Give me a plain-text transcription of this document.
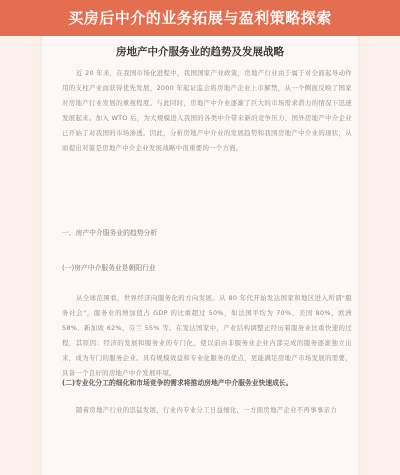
买房后中介的业务拓展与盈利策略探索
房地产中介服务业的趋势及发展战略

近 20 年来，在我国市场化进程中，我国国家产业政策，房地产行业由于属于对全面起导动作用的支柱产业而获得优先发展，2000 年起证监会将房地产企业上市解禁，从一个侧面反映了国家对房地产行业发展的重视程度。与此同时，房地产中介业逐渐了巨大的市场需求潜力的情况下迅速发展起来。加入 WTO 后，为大规模进入我国的各类中介带来新的竞争压力，国外房地产中介企业已开始了对我国的市场渗透。因此，分析房地产中介业的发展趋势和我国房地产中介业的现状，从而提出对策是房地产中介企业发展战略中很重要的一个方面。

一、房产中介服务业的趋势分析
(一)房产中介服务业是朝阳行业

从全球范围看，世界经济向服务化的方向发展。从 80 年代开始发达国家和地区进入所谓"服务社会"，服务业的增加值占 GDP 的比重超过 50%，如法国平均为 70%、美国 80%、欧洲 58%、新加坡 62%、芬兰 55% 等。在发达国家中，产业结构调整正经历着服务业比重快速的过程，其原因：经济的发展和服务业的专门化，使以前由非服务业企业内部完成的服务逐渐独立出来，成为专门的服务企业。具有规模效益和专业化服务的优点，更能满足房地产市场发展的需要，具备一个良好的房地产中介发展环境。

(二)专业化分工的细化和市场竞争的需求将推动房地产中介服务业快速成长。

随着房地产行业的迅猛发展，行业内专业分工日益细化，一方面房地产企业不再事事亲力
